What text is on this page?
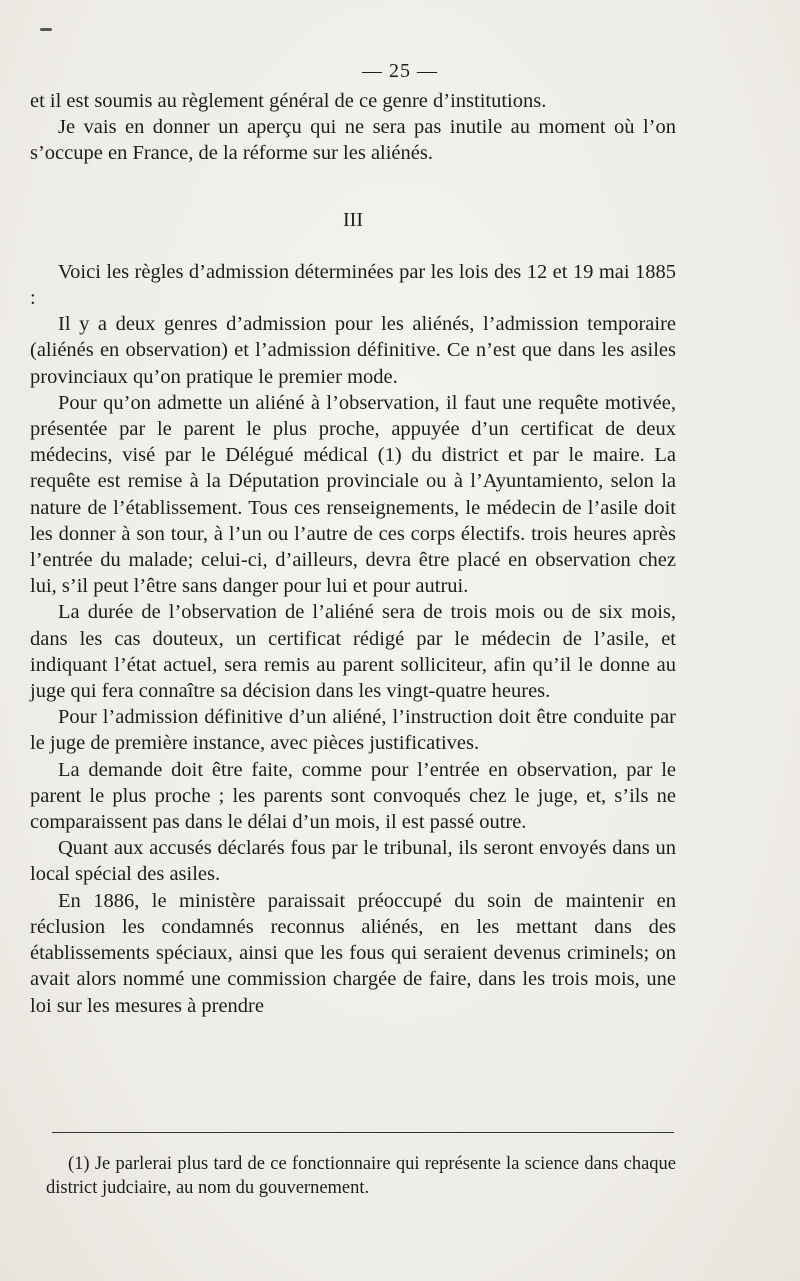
— 25 —

et il est soumis au règlement général de ce genre d’institutions.

Je vais en donner un aperçu qui ne sera pas inutile au moment où l’on s’occupe en France, de la réforme sur les aliénés.

III

Voici les règles d’admission déterminées par les lois des 12 et 19 mai 1885 :

Il y a deux genres d’admission pour les aliénés, l’admission temporaire (aliénés en observation) et l’admission définitive. Ce n’est que dans les asiles provinciaux qu’on pratique le premier mode.

Pour qu’on admette un aliéné à l’observation, il faut une requête motivée, présentée par le parent le plus proche, appuyée d’un certificat de deux médecins, visé par le Délégué médical (1) du district et par le maire. La requête est remise à la Députation provinciale ou à l’Ayuntamiento, selon la nature de l’établissement. Tous ces renseignements, le médecin de l’asile doit les donner à son tour, à l’un ou l’autre de ces corps électifs. trois heures après l’entrée du malade; celui-ci, d’ailleurs, devra être placé en observation chez lui, s’il peut l’être sans danger pour lui et pour autrui.

La durée de l’observation de l’aliéné sera de trois mois ou de six mois, dans les cas douteux, un certificat rédigé par le médecin de l’asile, et indiquant l’état actuel, sera remis au parent solliciteur, afin qu’il le donne au juge qui fera connaître sa décision dans les vingt-quatre heures.

Pour l’admission définitive d’un aliéné, l’instruction doit être conduite par le juge de première instance, avec pièces justificatives.

La demande doit être faite, comme pour l’entrée en observation, par le parent le plus proche ; les parents sont convoqués chez le juge, et, s’ils ne comparaissent pas dans le délai d’un mois, il est passé outre.

Quant aux accusés déclarés fous par le tribunal, ils seront envoyés dans un local spécial des asiles.

En 1886, le ministère paraissait préoccupé du soin de maintenir en réclusion les condamnés reconnus aliénés, en les mettant dans des établissements spéciaux, ainsi que les fous qui seraient devenus criminels; on avait alors nommé une commission chargée de faire, dans les trois mois, une loi sur les mesures à prendre

(1) Je parlerai plus tard de ce fonctionnaire qui représente la science dans chaque district judciaire, au nom du gouvernement.
